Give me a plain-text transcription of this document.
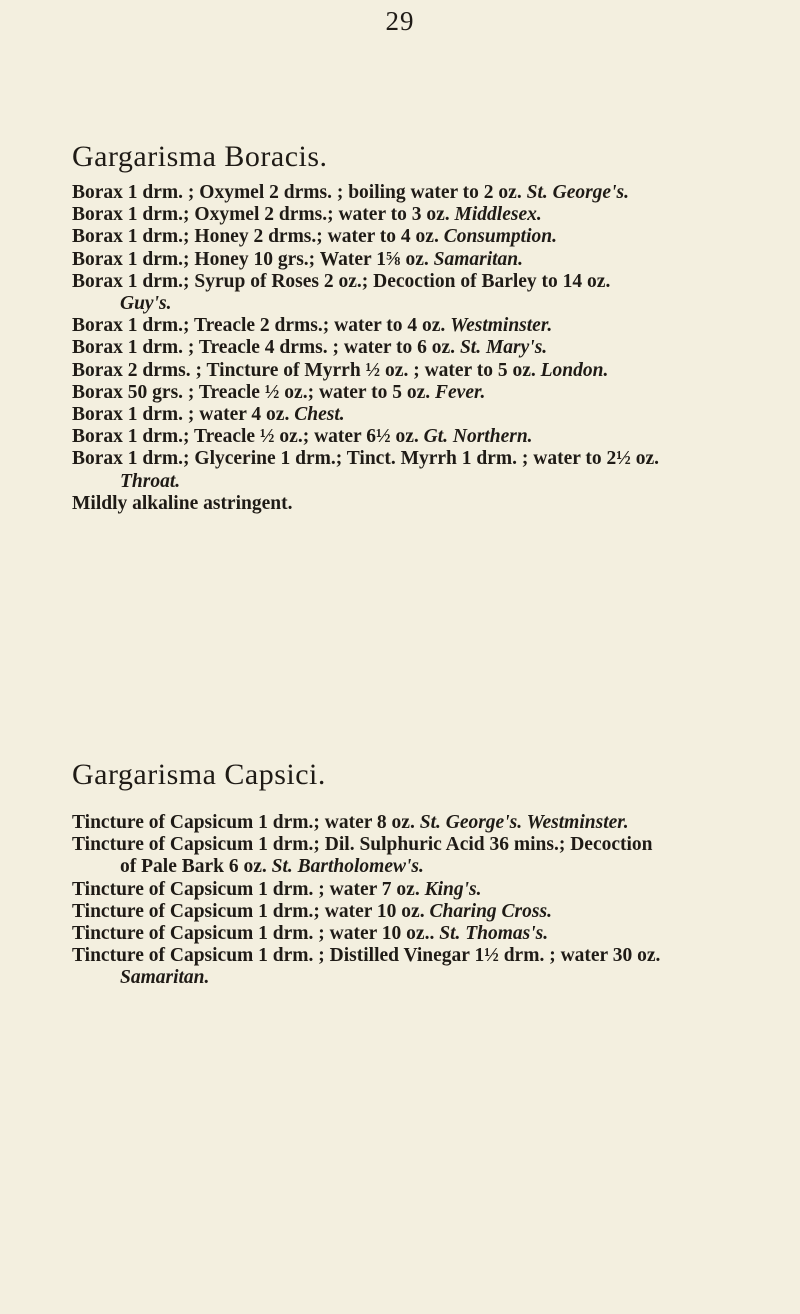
29
Gargarisma Boracis.
Borax 1 drm. ; Oxymel 2 drms. ; boiling water to 2 oz. St. George's.
Borax 1 drm.; Oxymel 2 drms.; water to 3 oz. Middlesex.
Borax 1 drm.; Honey 2 drms.; water to 4 oz. Consumption.
Borax 1 drm.; Honey 10 grs.; Water 1⅝ oz. Samaritan.
Borax 1 drm.; Syrup of Roses 2 oz.; Decoction of Barley to 14 oz. Guy's.
Borax 1 drm.; Treacle 2 drms.; water to 4 oz. Westminster.
Borax 1 drm. ; Treacle 4 drms. ; water to 6 oz. St. Mary's.
Borax 2 drms. ; Tincture of Myrrh ½ oz. ; water to 5 oz. London.
Borax 50 grs. ; Treacle ½ oz.; water to 5 oz. Fever.
Borax 1 drm. ; water 4 oz. Chest.
Borax 1 drm.; Treacle ½ oz.; water 6½ oz. Gt. Northern.
Borax 1 drm.; Glycerine 1 drm.; Tinct. Myrrh 1 drm. ; water to 2½ oz. Throat.
Mildly alkaline astringent.
Gargarisma Capsici.
Tincture of Capsicum 1 drm.; water 8 oz. St. George's. Westminster.
Tincture of Capsicum 1 drm.; Dil. Sulphuric Acid 36 mins.; Decoction of Pale Bark 6 oz. St. Bartholomew's.
Tincture of Capsicum 1 drm. ; water 7 oz. King's.
Tincture of Capsicum 1 drm.; water 10 oz. Charing Cross.
Tincture of Capsicum 1 drm. ; water 10 oz.. St. Thomas's.
Tincture of Capsicum 1 drm. ; Distilled Vinegar 1½ drm. ; water 30 oz. Samaritan.
